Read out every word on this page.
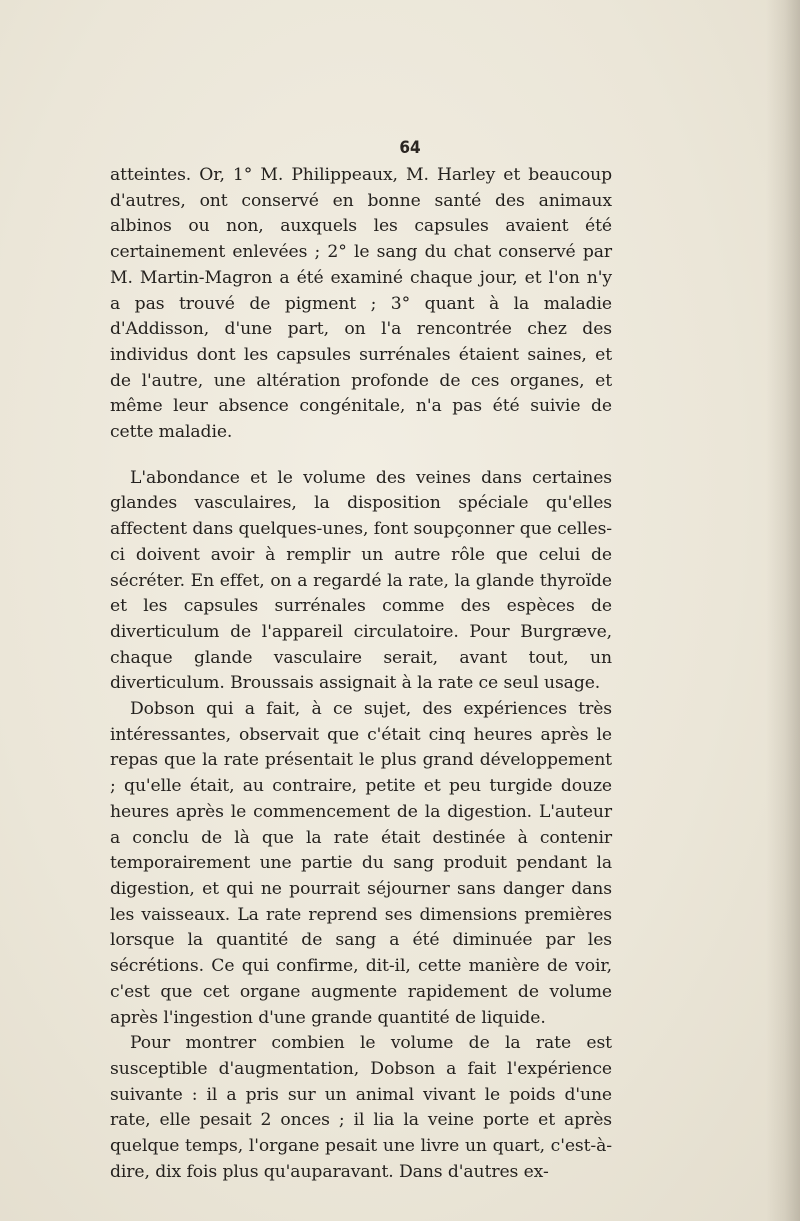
64

atteintes. Or, 1° M. Philippeaux, M. Harley et beaucoup d'autres, ont conservé en bonne santé des animaux albinos ou non, auxquels les capsules avaient été certainement enlevées ; 2° le sang du chat conservé par M. Martin-Magron a été examiné chaque jour, et l'on n'y a pas trouvé de pigment ; 3° quant à la maladie d'Addisson, d'une part, on l'a rencontrée chez des individus dont les capsules surrénales étaient saines, et de l'autre, une altération profonde de ces organes, et même leur absence congénitale, n'a pas été suivie de cette maladie.

L'abondance et le volume des veines dans certaines glandes vasculaires, la disposition spéciale qu'elles affectent dans quelques-unes, font soupçonner que celles-ci doivent avoir à remplir un autre rôle que celui de sécréter. En effet, on a regardé la rate, la glande thyroïde et les capsules surrénales comme des espèces de diverticulum de l'appareil circulatoire. Pour Burgræve, chaque glande vasculaire serait, avant tout, un diverticulum. Broussais assignait à la rate ce seul usage.

Dobson qui a fait, à ce sujet, des expériences très intéressantes, observait que c'était cinq heures après le repas que la rate présentait le plus grand développement ; qu'elle était, au contraire, petite et peu turgide douze heures après le commencement de la digestion. L'auteur a conclu de là que la rate était destinée à contenir temporairement une partie du sang produit pendant la digestion, et qui ne pourrait séjourner sans danger dans les vaisseaux. La rate reprend ses dimensions premières lorsque la quantité de sang a été diminuée par les sécrétions. Ce qui confirme, dit-il, cette manière de voir, c'est que cet organe augmente rapidement de volume après l'ingestion d'une grande quantité de liquide.

Pour montrer combien le volume de la rate est susceptible d'augmentation, Dobson a fait l'expérience suivante : il a pris sur un animal vivant le poids d'une rate, elle pesait 2 onces ; il lia la veine porte et après quelque temps, l'organe pesait une livre un quart, c'est-à-dire, dix fois plus qu'auparavant. Dans d'autres ex-
